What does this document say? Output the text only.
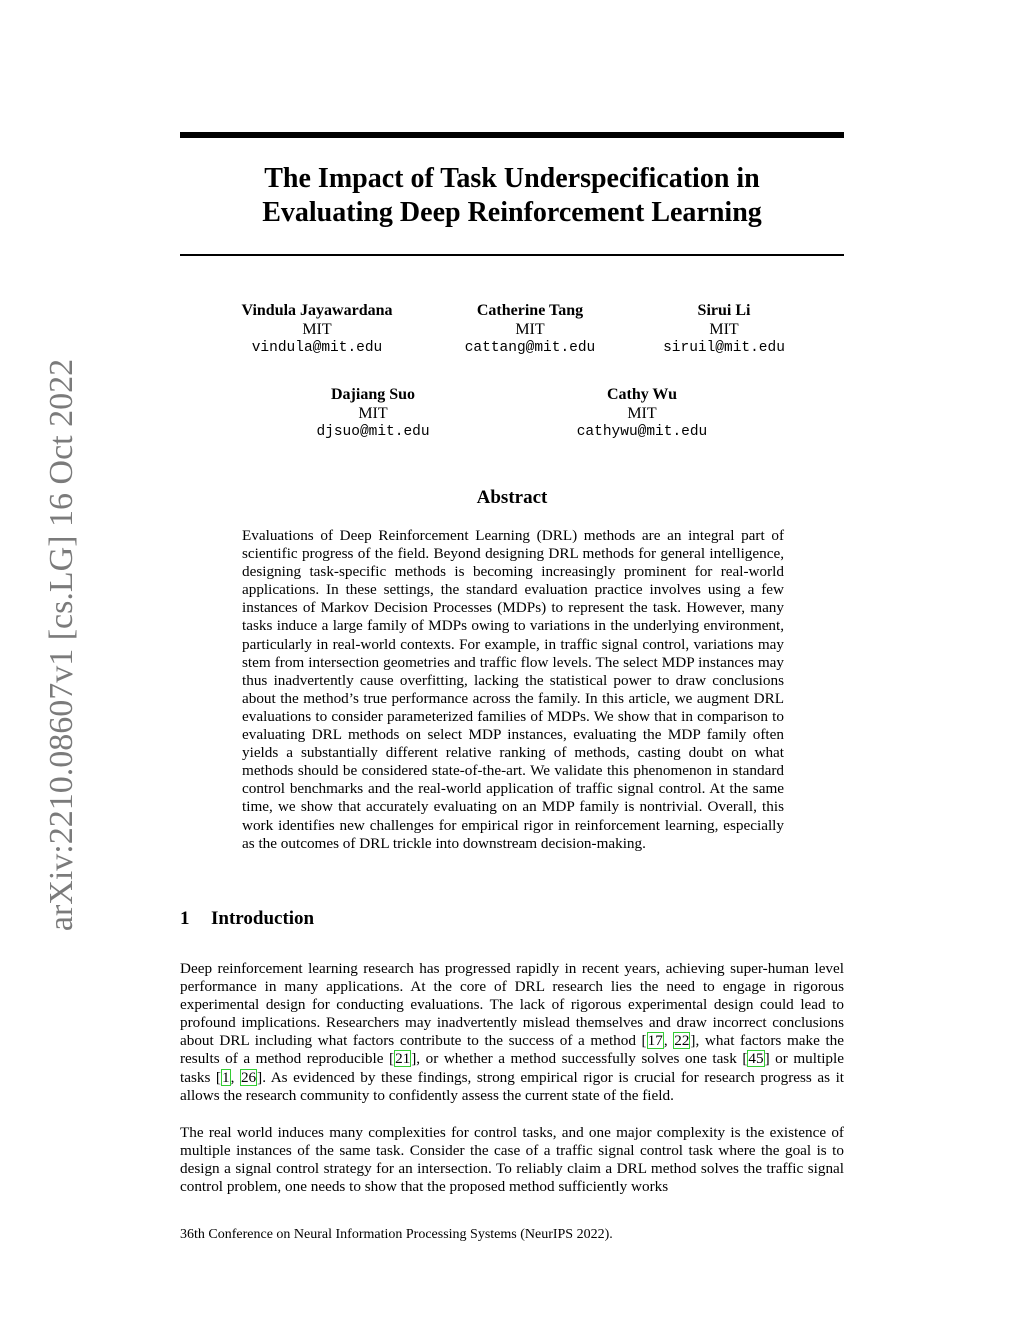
arXiv:2210.08607v1 [cs.LG] 16 Oct 2022
The Impact of Task Underspecification in
Evaluating Deep Reinforcement Learning
Vindula Jayawardana
MIT
vindula@mit.edu
Catherine Tang
MIT
cattang@mit.edu
Sirui Li
MIT
siruil@mit.edu
Dajiang Suo
MIT
djsuo@mit.edu
Cathy Wu
MIT
cathywu@mit.edu
Abstract
Evaluations of Deep Reinforcement Learning (DRL) methods are an integral part of scientific progress of the field. Beyond designing DRL methods for general intelligence, designing task-specific methods is becoming increasingly prominent for real-world applications. In these settings, the standard evaluation practice involves using a few instances of Markov Decision Processes (MDPs) to represent the task. However, many tasks induce a large family of MDPs owing to variations in the underlying environment, particularly in real-world contexts. For example, in traffic signal control, variations may stem from intersection geometries and traffic flow levels. The select MDP instances may thus inadvertently cause overfitting, lacking the statistical power to draw conclusions about the method’s true performance across the family. In this article, we augment DRL evaluations to consider parameterized families of MDPs. We show that in comparison to evaluating DRL methods on select MDP instances, evaluating the MDP family often yields a substantially different relative ranking of methods, casting doubt on what methods should be considered state-of-the-art. We validate this phenomenon in standard control benchmarks and the real-world application of traffic signal control. At the same time, we show that accurately evaluating on an MDP family is nontrivial. Overall, this work identifies new challenges for empirical rigor in reinforcement learning, especially as the outcomes of DRL trickle into downstream decision-making.
1 Introduction
Deep reinforcement learning research has progressed rapidly in recent years, achieving super-human level performance in many applications. At the core of DRL research lies the need to engage in rigorous experimental design for conducting evaluations. The lack of rigorous experimental design could lead to profound implications. Researchers may inadvertently mislead themselves and draw incorrect conclusions about DRL including what factors contribute to the success of a method [17, 22], what factors make the results of a method reproducible [21], or whether a method successfully solves one task [45] or multiple tasks [1, 26]. As evidenced by these findings, strong empirical rigor is crucial for research progress as it allows the research community to confidently assess the current state of the field.
The real world induces many complexities for control tasks, and one major complexity is the existence of multiple instances of the same task. Consider the case of a traffic signal control task where the goal is to design a signal control strategy for an intersection. To reliably claim a DRL method solves the traffic signal control problem, one needs to show that the proposed method sufficiently works
36th Conference on Neural Information Processing Systems (NeurIPS 2022).
